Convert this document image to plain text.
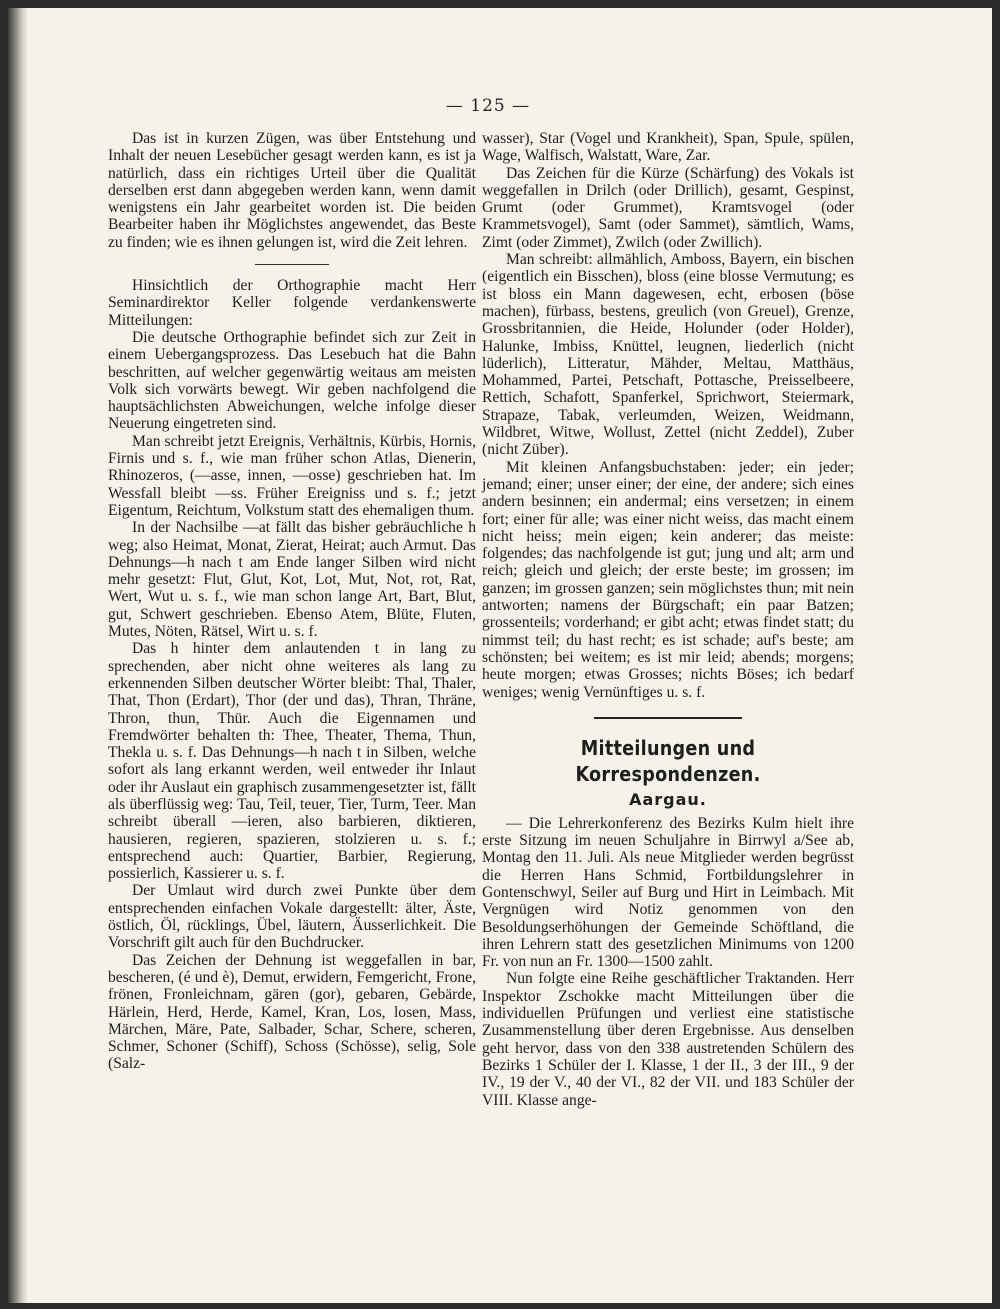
— 125 —

Das ist in kurzen Zügen, was über Entstehung und Inhalt der neuen Lesebücher gesagt werden kann, es ist ja natürlich, dass ein richtiges Urteil über die Qualität derselben erst dann abgegeben werden kann, wenn damit wenigstens ein Jahr gearbeitet worden ist. Die beiden Bearbeiter haben ihr Möglichstes angewendet, das Beste zu finden; wie es ihnen gelungen ist, wird die Zeit lehren.

Hinsichtlich der Orthographie macht Herr Seminardirektor Keller folgende verdankenswerte Mitteilungen:

Die deutsche Orthographie befindet sich zur Zeit in einem Uebergangsprozess. Das Lesebuch hat die Bahn beschritten, auf welcher gegenwärtig weitaus am meisten Volk sich vorwärts bewegt. Wir geben nachfolgend die hauptsächlichsten Abweichungen, welche infolge dieser Neuerung eingetreten sind.

Man schreibt jetzt Ereignis, Verhältnis, Kürbis, Hornis, Firnis und s. f., wie man früher schon Atlas, Dienerin, Rhinozeros, (—asse, innen, —osse) geschrieben hat. Im Wessfall bleibt —ss. Früher Ereigniss und s. f.; jetzt Eigentum, Reichtum, Volkstum statt des ehemaligen thum.

In der Nachsilbe —at fällt das bisher gebräuchliche h weg; also Heimat, Monat, Zierat, Heirat; auch Armut. Das Dehnungs—h nach t am Ende langer Silben wird nicht mehr gesetzt: Flut, Glut, Kot, Lot, Mut, Not, rot, Rat, Wert, Wut u. s. f., wie man schon lange Art, Bart, Blut, gut, Schwert geschrieben. Ebenso Atem, Blüte, Fluten, Mutes, Nöten, Rätsel, Wirt u. s. f.

Das h hinter dem anlautenden t in lang zu sprechenden, aber nicht ohne weiteres als lang zu erkennenden Silben deutscher Wörter bleibt: Thal, Thaler, That, Thon (Erdart), Thor (der und das), Thran, Thräne, Thron, thun, Thür. Auch die Eigennamen und Fremdwörter behalten th: Thee, Theater, Thema, Thun, Thekla u. s. f. Das Dehnungs—h nach t in Silben, welche sofort als lang erkannt werden, weil entweder ihr Inlaut oder ihr Auslaut ein graphisch zusammengesetzter ist, fällt als überflüssig weg: Tau, Teil, teuer, Tier, Turm, Teer. Man schreibt überall —ieren, also barbieren, diktieren, hausieren, regieren, spazieren, stolzieren u. s. f.; entsprechend auch: Quartier, Barbier, Regierung, possierlich, Kassierer u. s. f.

Der Umlaut wird durch zwei Punkte über dem entsprechenden einfachen Vokale dargestellt: älter, Äste, östlich, Öl, rücklings, Übel, läutern, Äusserlichkeit. Die Vorschrift gilt auch für den Buchdrucker.

Das Zeichen der Dehnung ist weggefallen in bar, bescheren, (é und è), Demut, erwidern, Femgericht, Frone, frönen, Fronleichnam, gären (gor), gebaren, Gebärde, Härlein, Herd, Herde, Kamel, Kran, Los, losen, Mass, Märchen, Märe, Pate, Salbader, Schar, Schere, scheren, Schmer, Schoner (Schiff), Schoss (Schösse), selig, Sole (Salz-

wasser), Star (Vogel und Krankheit), Span, Spule, spülen, Wage, Walfisch, Walstatt, Ware, Zar.

Das Zeichen für die Kürze (Schärfung) des Vokals ist weggefallen in Drilch (oder Drillich), gesamt, Gespinst, Grumt (oder Grummet), Kramtsvogel (oder Krammetsvogel), Samt (oder Sammet), sämtlich, Wams, Zimt (oder Zimmet), Zwilch (oder Zwillich).

Man schreibt: allmählich, Amboss, Bayern, ein bischen (eigentlich ein Bisschen), bloss (eine blosse Vermutung; es ist bloss ein Mann dagewesen, echt, erbosen (böse machen), fürbass, bestens, greulich (von Greuel), Grenze, Grossbritannien, die Heide, Holunder (oder Holder), Halunke, Imbiss, Knüttel, leugnen, liederlich (nicht lüderlich), Litteratur, Mähder, Meltau, Matthäus, Mohammed, Partei, Petschaft, Pottasche, Preisselbeere, Rettich, Schafott, Spanferkel, Sprichwort, Steiermark, Strapaze, Tabak, verleumden, Weizen, Weidmann, Wildbret, Witwe, Wollust, Zettel (nicht Zeddel), Zuber (nicht Züber).

Mit kleinen Anfangsbuchstaben: jeder; ein jeder; jemand; einer; unser einer; der eine, der andere; sich eines andern besinnen; ein andermal; eins versetzen; in einem fort; einer für alle; was einer nicht weiss, das macht einem nicht heiss; mein eigen; kein anderer; das meiste: folgendes; das nachfolgende ist gut; jung und alt; arm und reich; gleich und gleich; der erste beste; im grossen; im ganzen; im grossen ganzen; sein möglichstes thun; mit nein antworten; namens der Bürgschaft; ein paar Batzen; grossenteils; vorderhand; er gibt acht; etwas findet statt; du nimmst teil; du hast recht; es ist schade; auf's beste; am schönsten; bei weitem; es ist mir leid; abends; morgens; heute morgen; etwas Grosses; nichts Böses; ich bedarf weniges; wenig Vernünftiges u. s. f.

Mitteilungen und Korrespondenzen.
Aargau.

— Die Lehrerkonferenz des Bezirks Kulm hielt ihre erste Sitzung im neuen Schuljahre in Birrwyl a/See ab, Montag den 11. Juli. Als neue Mitglieder werden begrüsst die Herren Hans Schmid, Fortbildungslehrer in Gontenschwyl, Seiler auf Burg und Hirt in Leimbach. Mit Vergnügen wird Notiz genommen von den Besoldungserhöhungen der Gemeinde Schöftland, die ihren Lehrern statt des gesetzlichen Minimums von 1200 Fr. von nun an Fr. 1300—1500 zahlt.

Nun folgte eine Reihe geschäftlicher Traktanden. Herr Inspektor Zschokke macht Mitteilungen über die individuellen Prüfungen und verliest eine statistische Zusammenstellung über deren Ergebnisse. Aus denselben geht hervor, dass von den 338 austretenden Schülern des Bezirks 1 Schüler der I. Klasse, 1 der II., 3 der III., 9 der IV., 19 der V., 40 der VI., 82 der VII. und 183 Schüler der VIII. Klasse ange-
